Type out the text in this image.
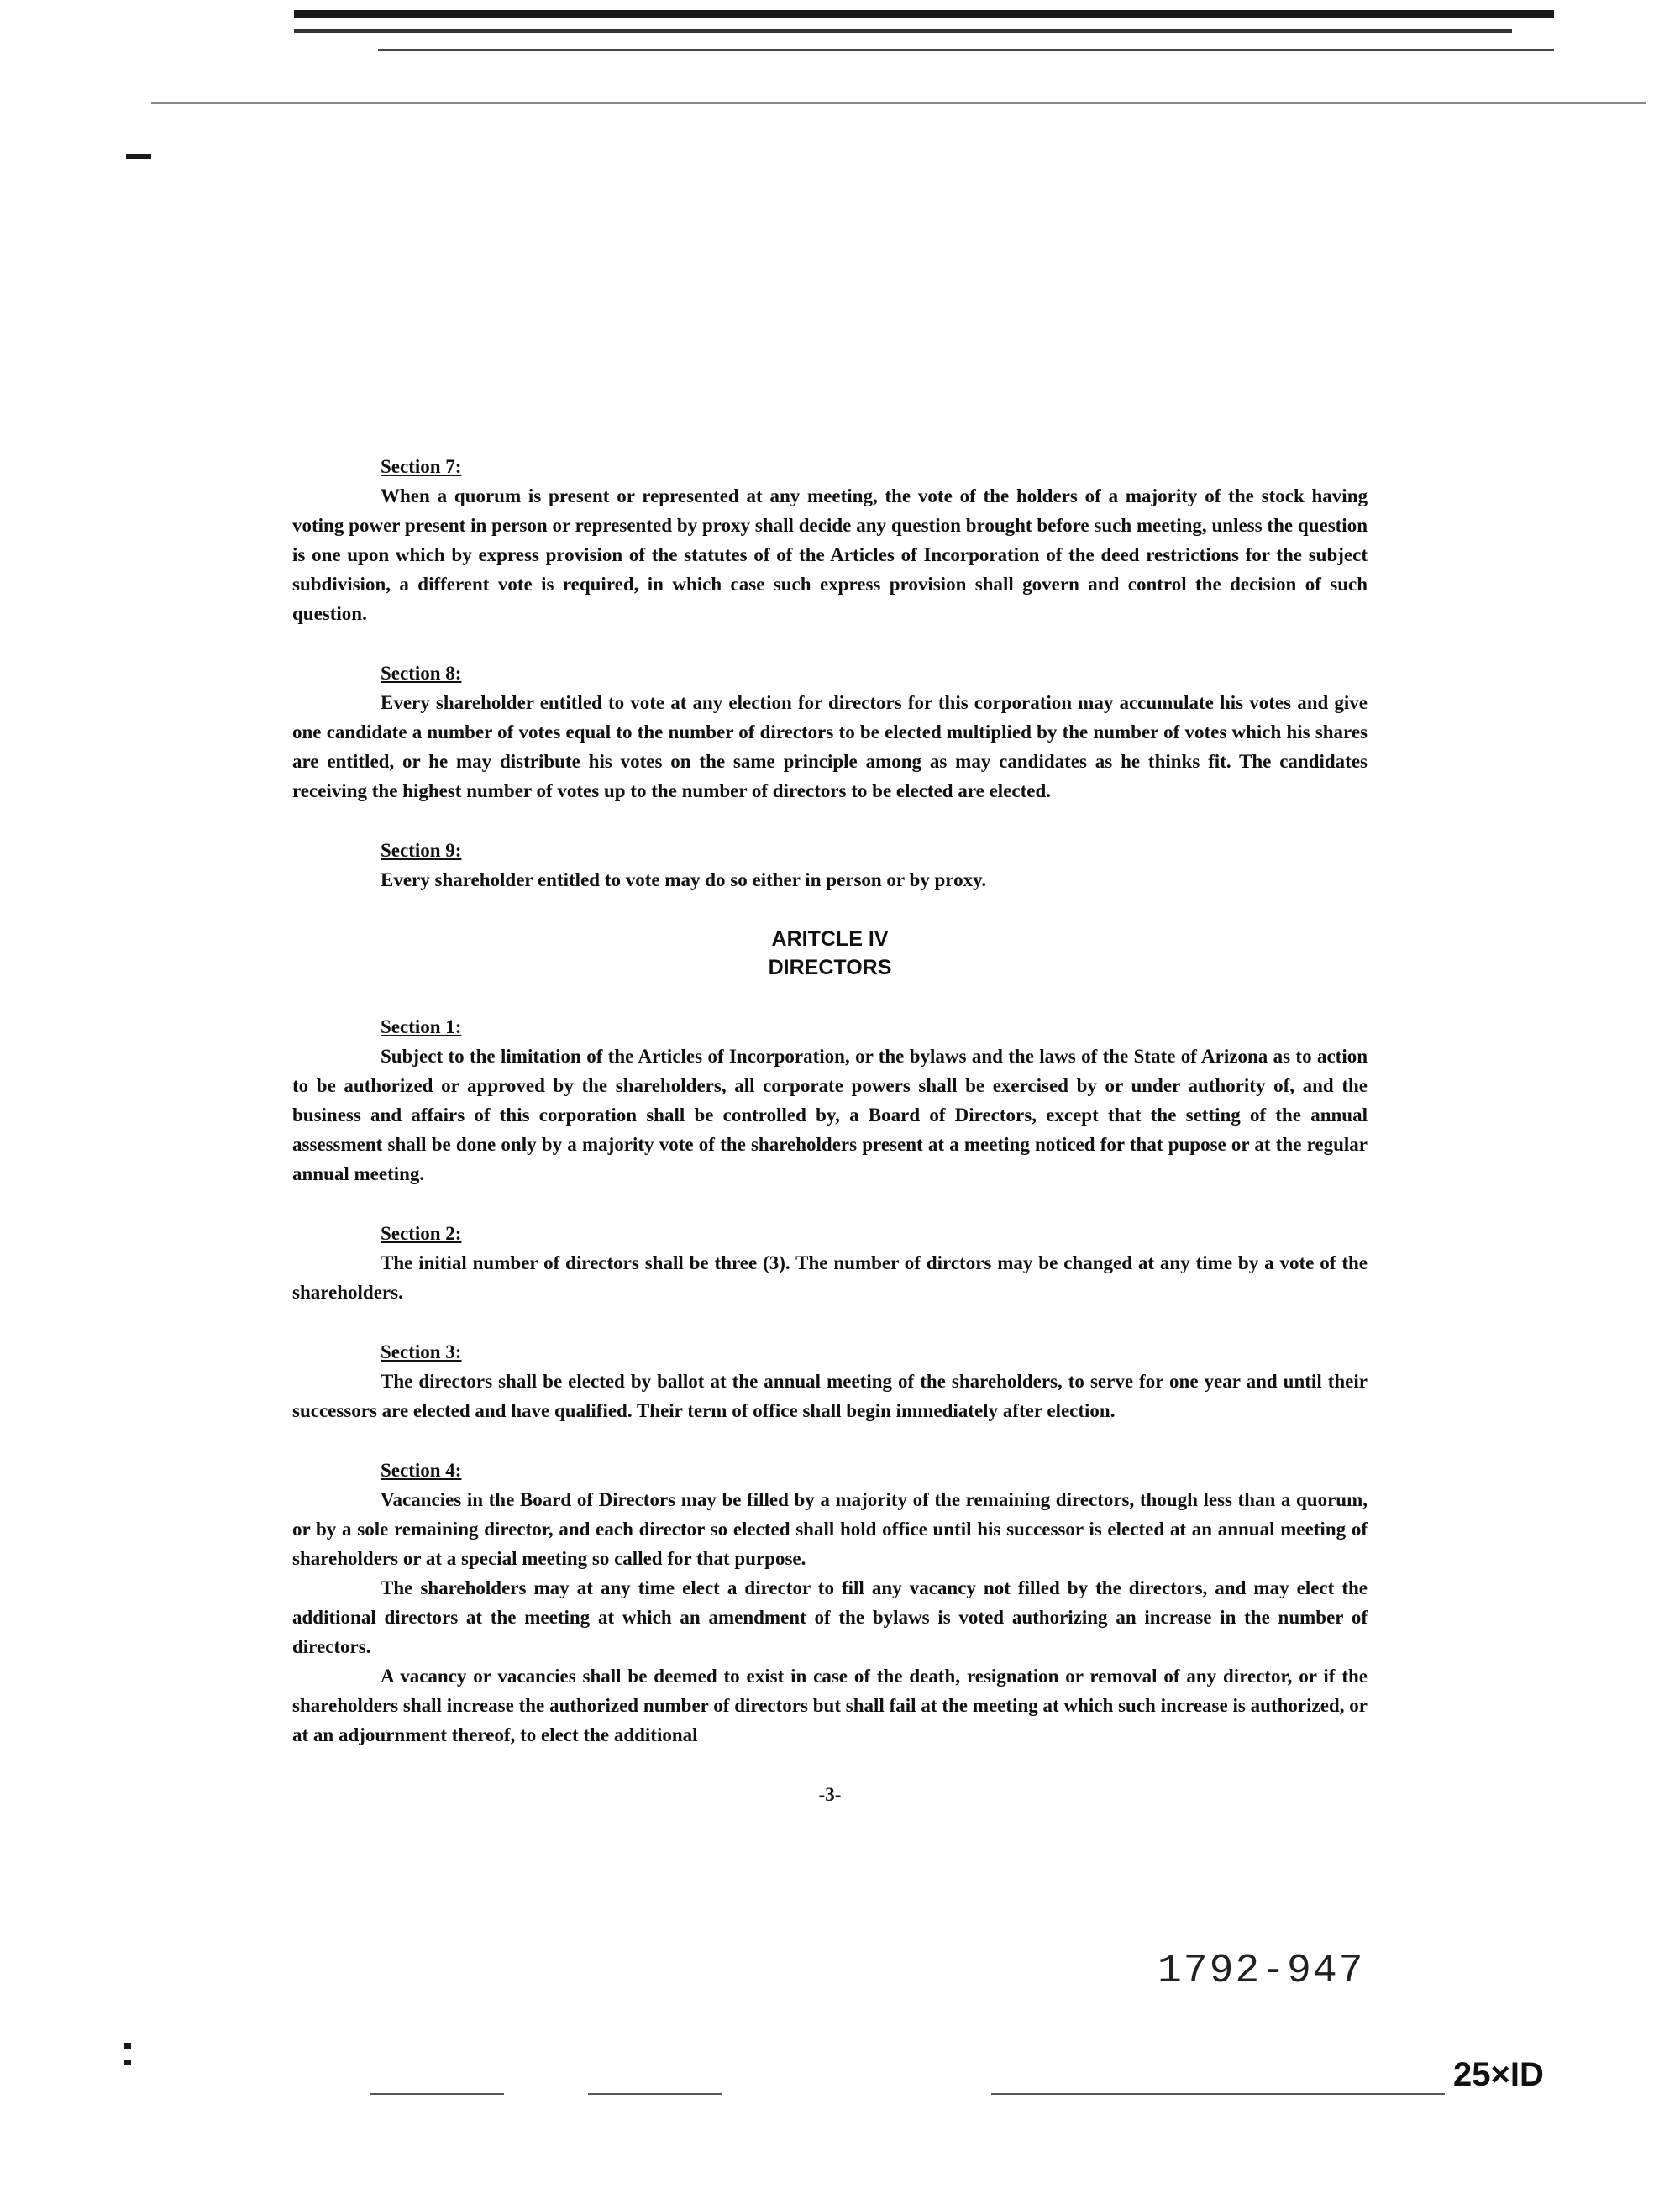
Section 7:

When a quorum is present or represented at any meeting, the vote of the holders of a majority of the stock having voting power present in person or represented by proxy shall decide any question brought before such meeting, unless the question is one upon which by express provision of the statutes of of the Articles of Incorporation of the deed restrictions for the subject subdivision, a different vote is required, in which case such express provision shall govern and control the decision of such question.

Section 8:

Every shareholder entitled to vote at any election for directors for this corporation may accumulate his votes and give one candidate a number of votes equal to the number of directors to be elected multiplied by the number of votes which his shares are entitled, or he may distribute his votes on the same principle among as may candidates as he thinks fit. The candidates receiving the highest number of votes up to the number of directors to be elected are elected.

Section 9:

Every shareholder entitled to vote may do so either in person or by proxy.

ARITCLE IV
DIRECTORS
Section 1:

Subject to the limitation of the Articles of Incorporation, or the bylaws and the laws of the State of Arizona as to action to be authorized or approved by the shareholders, all corporate powers shall be exercised by or under authority of, and the business and affairs of this corporation shall be controlled by, a Board of Directors, except that the setting of the annual assessment shall be done only by a majority vote of the shareholders present at a meeting noticed for that pupose or at the regular annual meeting.

Section 2:

The initial number of directors shall be three (3). The number of dirctors may be changed at any time by a vote of the shareholders.

Section 3:

The directors shall be elected by ballot at the annual meeting of the shareholders, to serve for one year and until their successors are elected and have qualified. Their term of office shall begin immediately after election.

Section 4:

Vacancies in the Board of Directors may be filled by a majority of the remaining directors, though less than a quorum, or by a sole remaining director, and each director so elected shall hold office until his successor is elected at an annual meeting of shareholders or at a special meeting so called for that purpose.

The shareholders may at any time elect a director to fill any vacancy not filled by the directors, and may elect the additional directors at the meeting at which an amendment of the bylaws is voted authorizing an increase in the number of directors.

A vacancy or vacancies shall be deemed to exist in case of the death, resignation or removal of any director, or if the shareholders shall increase the authorized number of directors but shall fail at the meeting at which such increase is authorized, or at an adjournment thereof, to elect the additional

-3-
1792-947
25×ID
